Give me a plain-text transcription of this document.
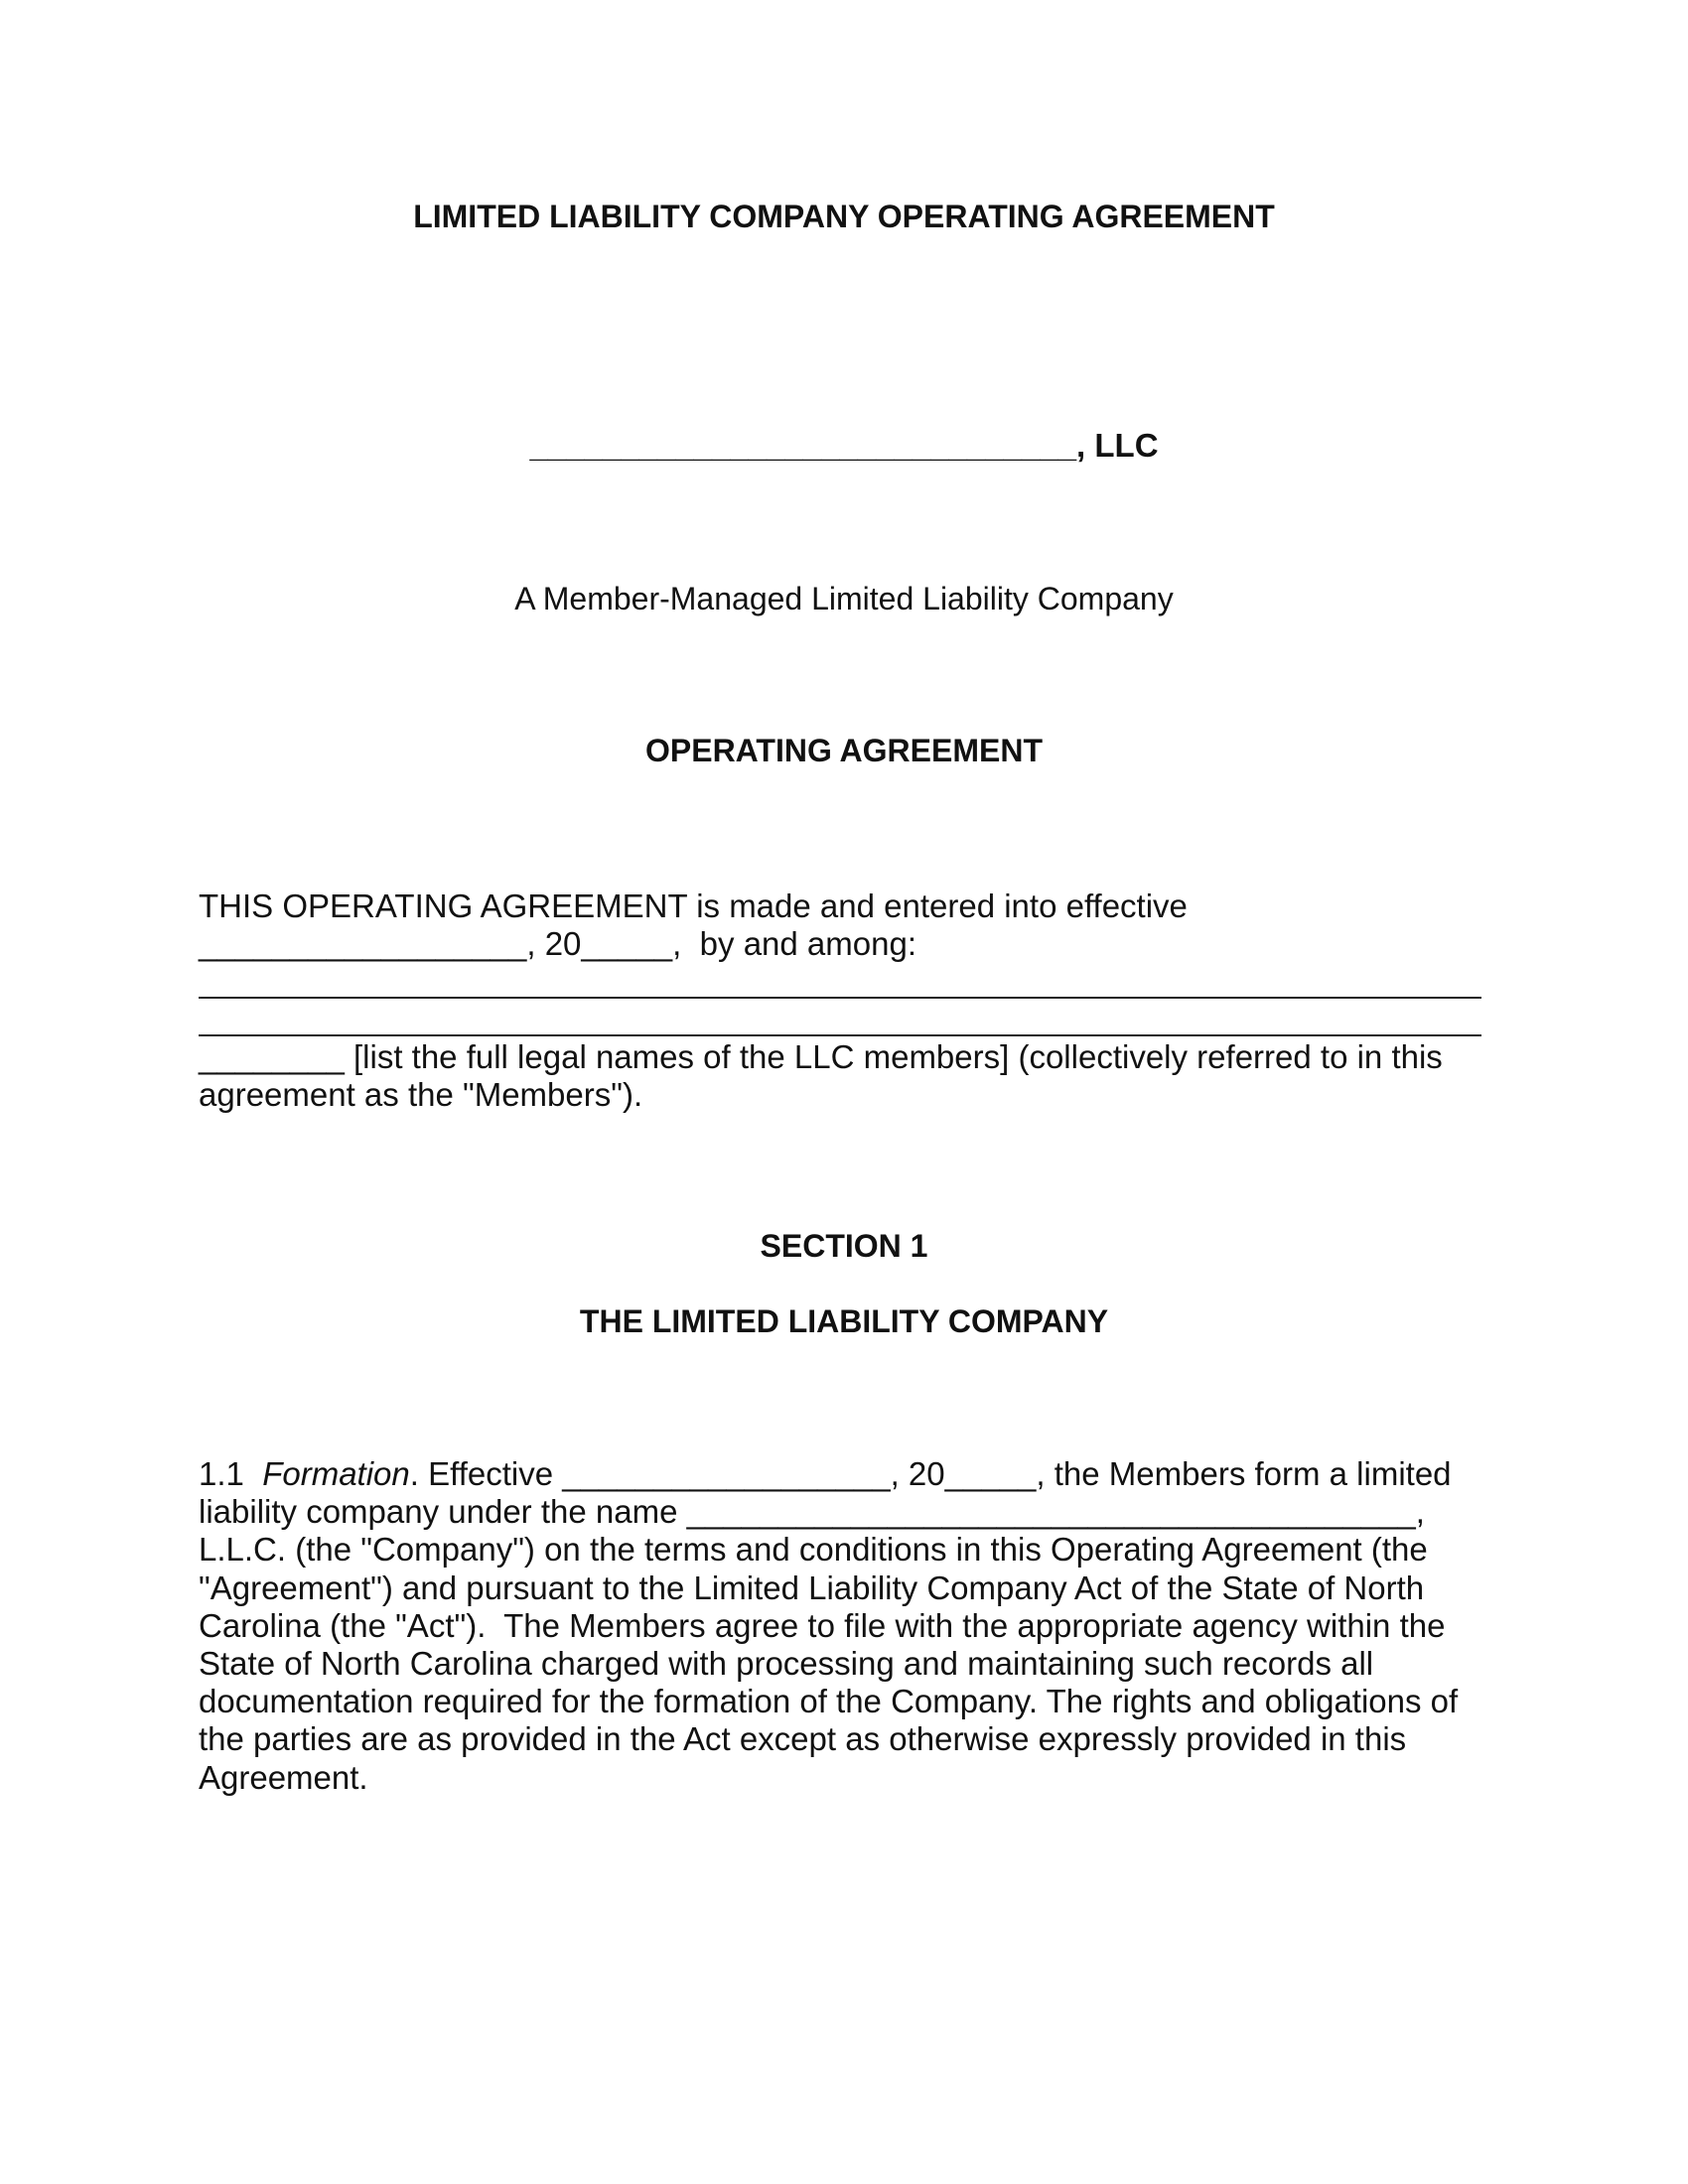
LIMITED LIABILITY COMPANY OPERATING AGREEMENT
______________________________, LLC
A Member-Managed Limited Liability Company
OPERATING AGREEMENT
THIS OPERATING AGREEMENT is made and entered into effective
__________________, 20_____,  by and among:
________ [list the full legal names of the LLC members] (collectively referred to in this
agreement as the "Members").
SECTION 1
THE LIMITED LIABILITY COMPANY
1.1 Formation. Effective __________________, 20_____, the Members form a limited
liability company under the name ________________________________________,
L.L.C. (the "Company") on the terms and conditions in this Operating Agreement (the
"Agreement") and pursuant to the Limited Liability Company Act of the State of North
Carolina (the "Act").  The Members agree to file with the appropriate agency within the
State of North Carolina charged with processing and maintaining such records all
documentation required for the formation of the Company. The rights and obligations of
the parties are as provided in the Act except as otherwise expressly provided in this
Agreement.
